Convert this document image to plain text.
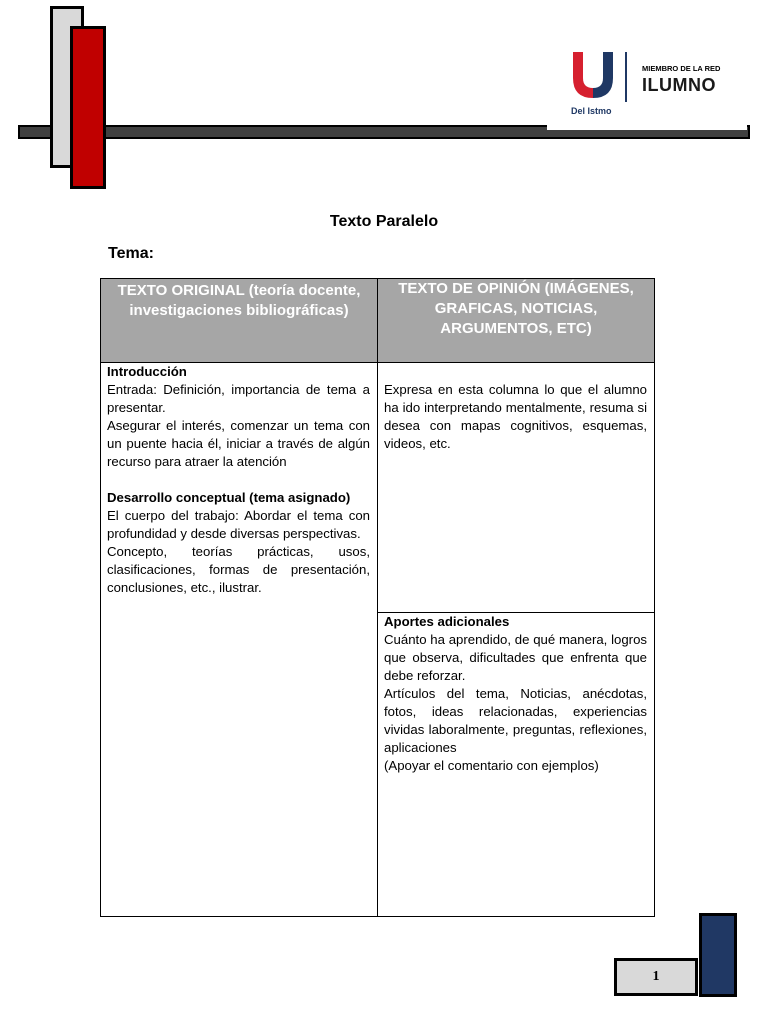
Del Istmo
MIEMBRO DE LA RED
ILUMNO
Texto Paralelo
Tema:
TEXTO ORIGINAL (teoría docente, investigaciones bibliográficas)
TEXTO DE OPINIÓN (IMÁGENES, GRAFICAS, NOTICIAS, ARGUMENTOS, ETC)

Introducción

Entrada: Definición, importancia de tema a presentar.

Asegurar el interés, comenzar un tema con un puente hacia él, iniciar a través de algún recurso para atraer la atención

Desarrollo conceptual (tema asignado)

El cuerpo del trabajo: Abordar el tema con profundidad y desde diversas perspectivas.

Concepto, teorías prácticas, usos, clasificaciones, formas de presentación, conclusiones, etc., ilustrar.

Expresa en esta columna lo que el alumno ha ido interpretando mentalmente, resuma si desea con mapas cognitivos, esquemas, videos, etc.

Aportes adicionales

Cuánto ha aprendido, de qué manera, logros que observa, dificultades que enfrenta que debe reforzar.

Artículos del tema, Noticias, anécdotas, fotos, ideas relacionadas, experiencias vividas laboralmente, preguntas, reflexiones, aplicaciones

(Apoyar el comentario con ejemplos)

1
